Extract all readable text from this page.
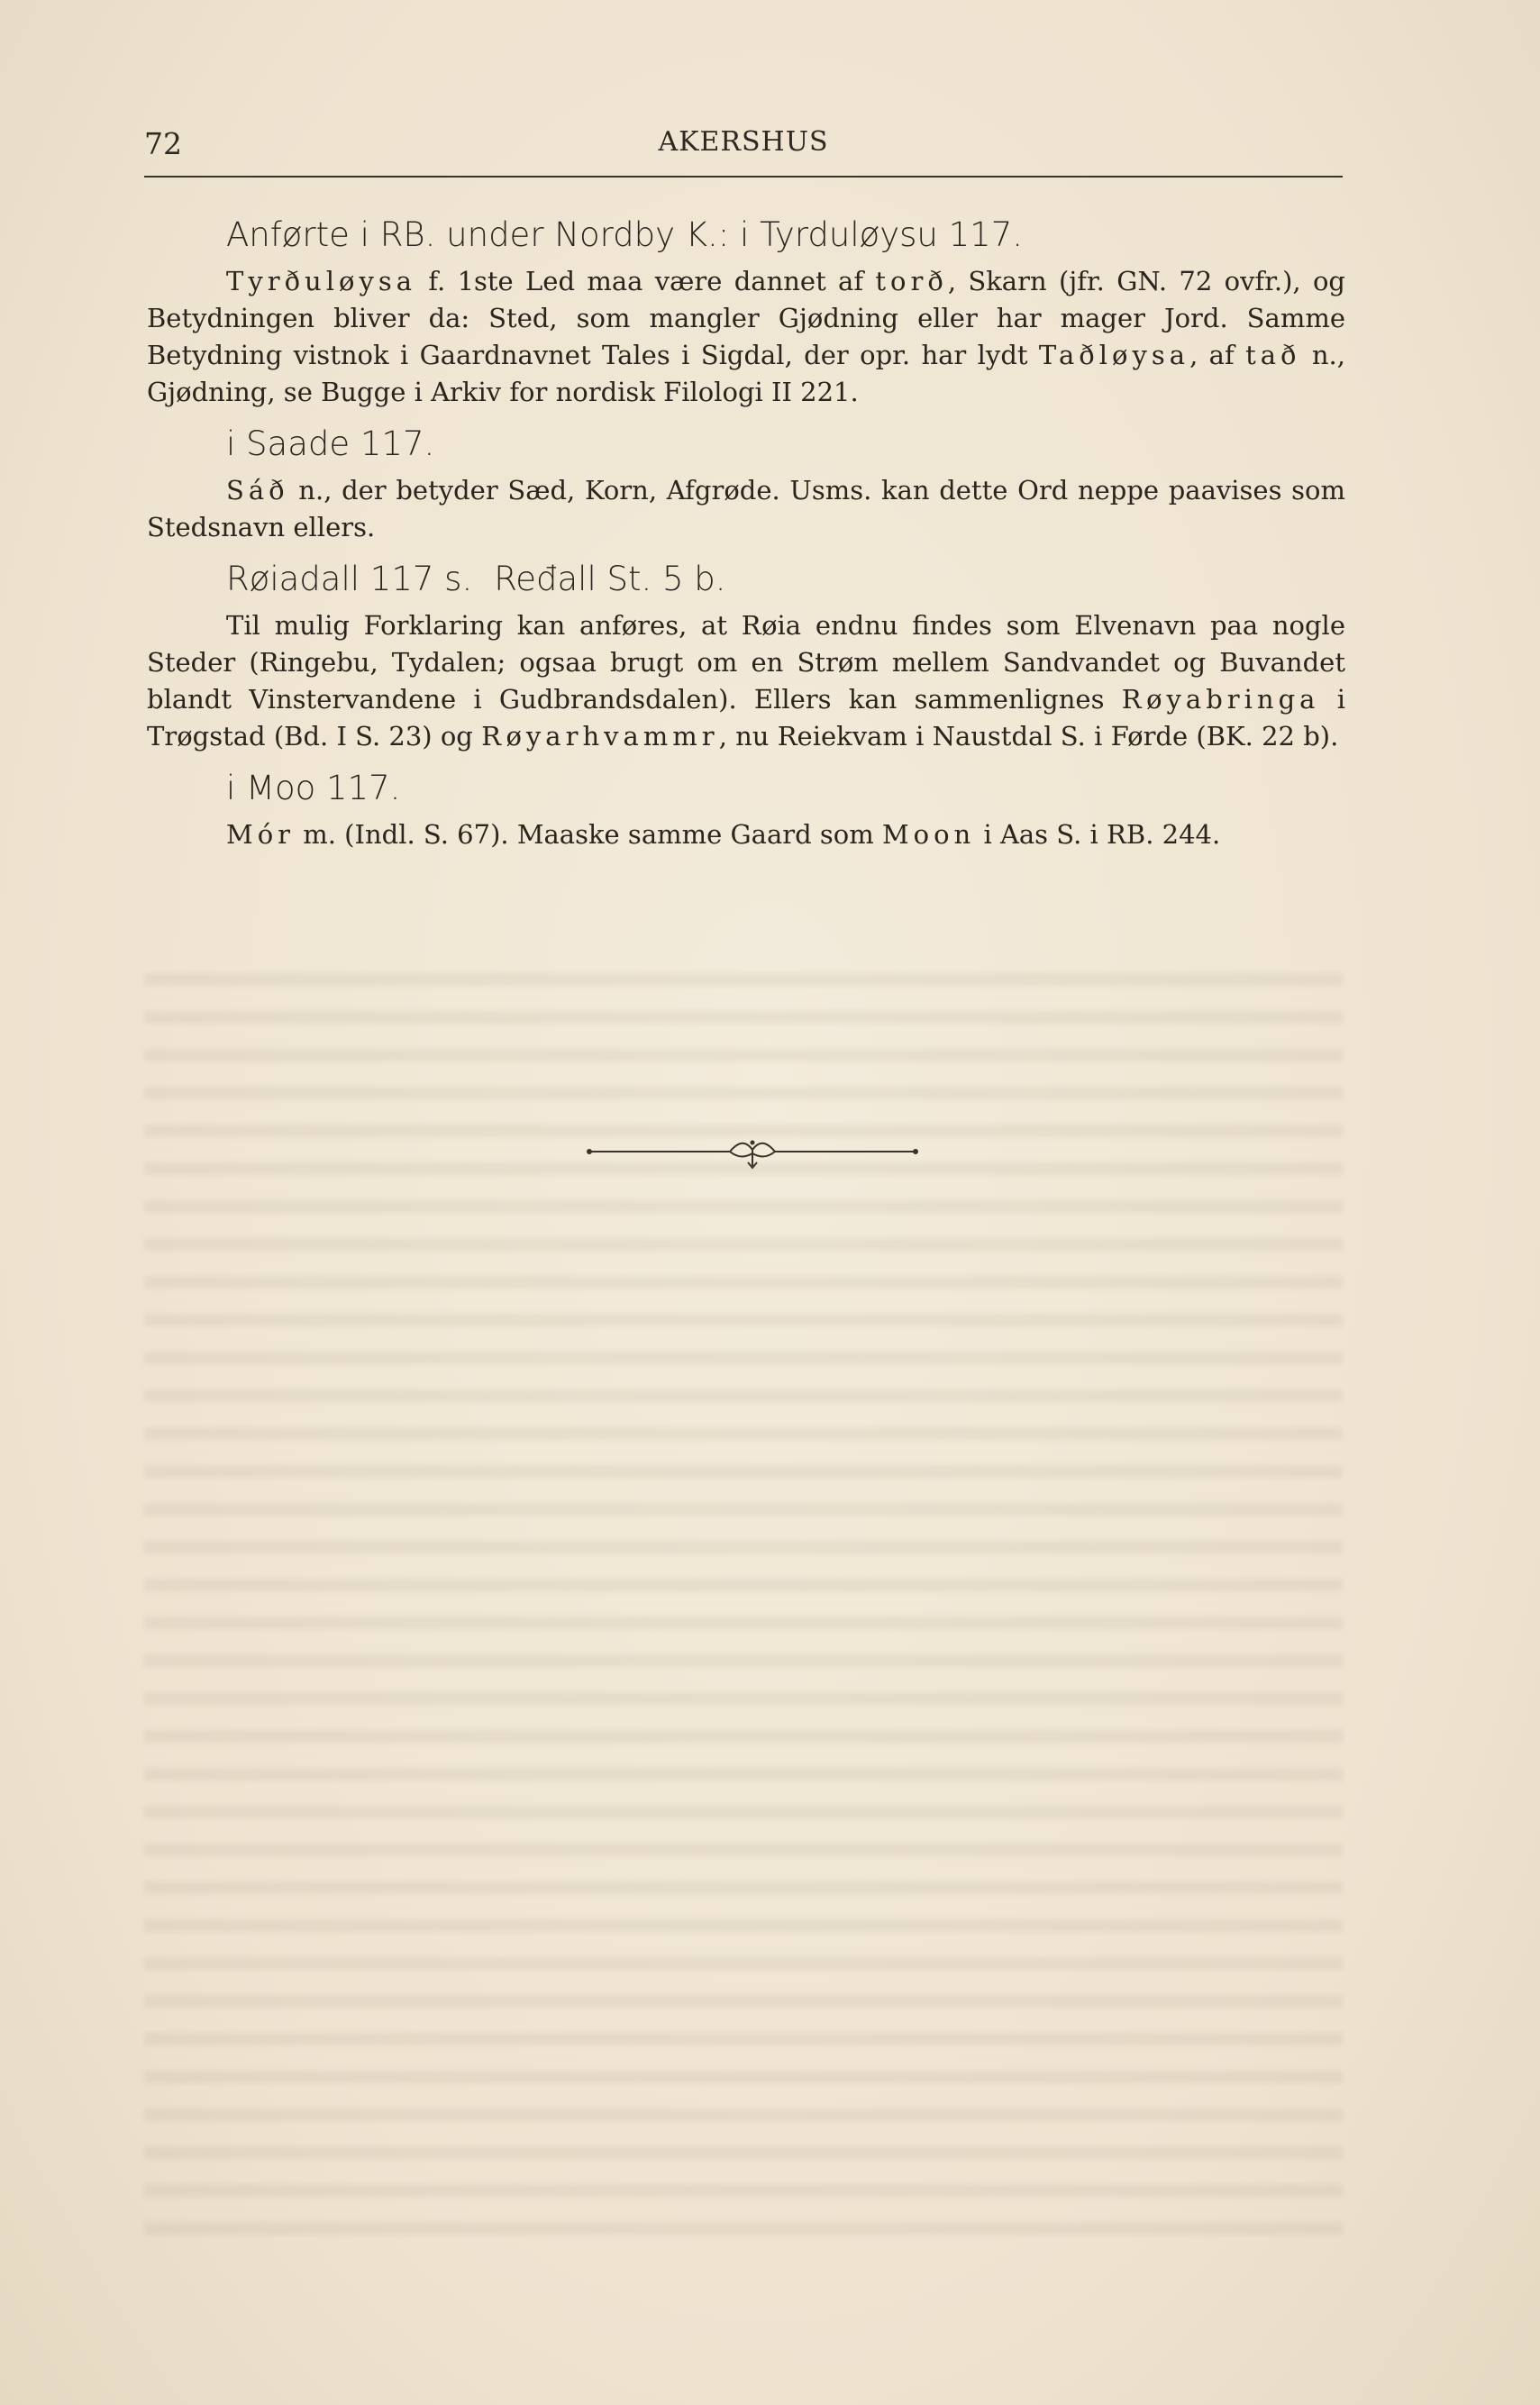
72	AKERSHUS
Anførte i RB. under Nordby K.: i Tyrduløysu 117.

Tyrðuløysa f. 1ste Led maa være dannet af torð, Skarn (jfr. GN. 72 ovfr.), og Betydningen bliver da: Sted, som mangler Gjødning eller har mager Jord. Samme Betydning vistnok i Gaardnavnet Tales i Sigdal, der opr. har lydt Taðløysa, af tað n., Gjødning, se Bugge i Arkiv for nordisk Filologi II 221.

i Saade 117.

Sáð n., der betyder Sæd, Korn, Afgrøde. Usms. kan dette Ord neppe paavises som Stedsnavn ellers.

Røiadall 117 s. Ređall St. 5 b.

Til mulig Forklaring kan anføres, at Røia endnu findes som Elvenavn paa nogle Steder (Ringebu, Tydalen; ogsaa brugt om en Strøm mellem Sandvandet og Buvandet blandt Vinstervandene i Gudbrandsdalen). Ellers kan sammenlignes Røyabringa i Trøgstad (Bd. I S. 23) og Røyarhvammr, nu Reiekvam i Naustdal S. i Førde (BK. 22 b).

i Moo 117.

Mór m. (Indl. S. 67). Maaske samme Gaard som Moon i Aas S. i RB. 244.
